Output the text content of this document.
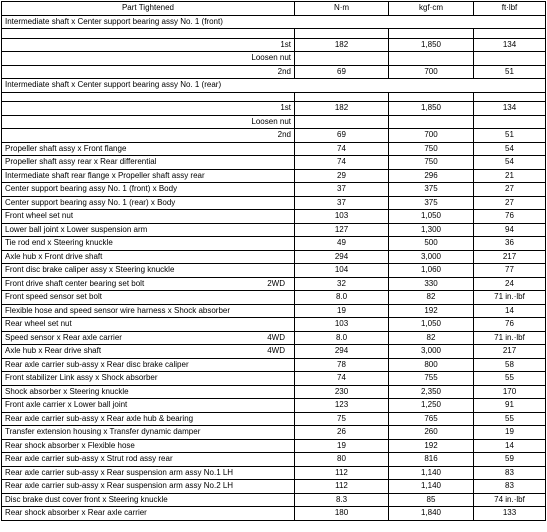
Part Tightened	N·m	kgf·cm	ft·lbf
Intermediate shaft x Center support bearing assy No. 1 (front)			

1st	182	1,850	134
Loosen nut			
2nd	69	700	51
Intermediate shaft x Center support bearing assy No. 1 (rear)			

1st	182	1,850	134
Loosen nut			
2nd	69	700	51
Propeller shaft assy x Front flange	74	750	54
Propeller shaft assy rear x Rear differential	74	750	54
Intermediate shaft rear flange x Propeller shaft assy rear	29	296	21
Center support bearing assy No. 1 (front) x Body	37	375	27
Center support bearing assy No. 1 (rear) x Body	37	375	27
Front wheel set nut	103	1,050	76
Lower ball joint x Lower suspension arm	127	1,300	94
Tie rod end x Steering knuckle	49	500	36
Axle hub x Front drive shaft	294	3,000	217
Front disc brake caliper assy x Steering knuckle	104	1,060	77
Front drive shaft center bearing set bolt 2WD	32	330	24
Front speed sensor set bolt	8.0	82	71 in.·lbf
Flexible hose and speed sensor wire harness x Shock absorber	19	192	14
Rear wheel set nut	103	1,050	76
Speed sensor x Rear axle carrier 4WD	8.0	82	71 in.·lbf
Axle hub x Rear drive shaft 4WD	294	3,000	217
Rear axle carrier sub-assy x Rear disc brake caliper	78	800	58
Front stabilizer Link assy x Shock absorber	74	755	55
Shock absorber x Steering knuckle	230	2,350	170
Front axle carrier x Lower ball joint	123	1,250	91
Rear axle carrier sub-assy x Rear axle hub & bearing	75	765	55
Transfer extension housing x Transfer dynamic damper	26	260	19
Rear shock absorber x Flexible hose	19	192	14
Rear axle carrier sub-assy x Strut rod assy rear	80	816	59
Rear axle carrier sub-assy x Rear suspension arm assy No.1 LH	112	1,140	83
Rear axle carrier sub-assy x Rear suspension arm assy No.2 LH	112	1,140	83
Disc brake dust cover front x Steering knuckle	8.3	85	74 in.·lbf
Rear shock absorber x Rear axle carrier	180	1,840	133
